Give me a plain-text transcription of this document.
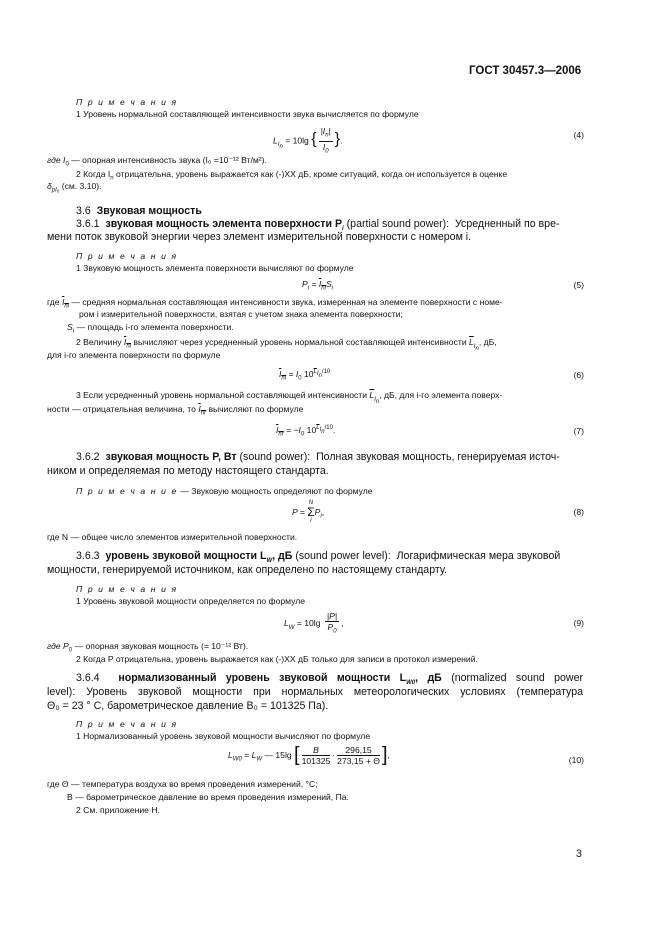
ГОСТ 30457.3—2006
П р и м е ч а н и я
1 Уровень нормальной составляющей интенсивности звука вычисляется по формуле
$L_{I_n} = 10\lg$ { $\frac{|I_n|}{I_0}$ }.
(4)
где $I_0$ — опорная интенсивность звука (I₀ =10⁻¹² Вт/м²).
2 Когда $I_n$ отрицательна, уровень выражается как (-)XX дБ, кроме ситуаций, когда он используется в оценке
$\delta_{pI_0}$ (см. 3.10).
3.6 Звуковая мощность
3.6.1 звуковая мощность элемента поверхности $P_i$ (partial sound power): Усредненный по вре-
мени поток звуковой энергии через элемент измерительной поверхности с номером i.
П р и м е ч а н и я
1 Звуковую мощность элемента поверхности вычисляют по формуле
$P_i = I_{ni}S_i$	(5)
где $I_{ni}$ — средняя нормальная составляющая интенсивности звука, измеренная на элементе поверхности с номе-
ром i измерительной поверхности, взятая с учетом знака элемента поверхности;
$S_i$ — площадь i-го элемента поверхности.
2 Величину $I_{ni}$ вычисляют через усредненный уровень нормальной составляющей интенсивности $\overline{L}_{I_n}$, дБ,
для i-го элемента поверхности по формуле
$I_{ni} = I_0$ $10^{\overline{L}_{I_n}/10}$	(6)
3 Если усредненный уровень нормальной составляющей интенсивности $\overline{L}_{I_n}$, дБ, для i-го элемента поверх-
ности — отрицательная величина, то $I_{nr}$ вычисляют по формуле
$I_{nr} = -I_0$ $10^{\overline{L}_{I_n}/10}$.	(7)
3.6.2 звуковая мощность P, Вт (sound power): Полная звуковая мощность, генерируемая источ-
ником и определяемая по методу настоящего стандарта.
П р и м е ч а н и е — Звуковую мощность определяют по формуле
P =
N
Σ
i
$P_i$,	(8)
где N — общее число элементов измерительной поверхности.
3.6.3 уровень звуковой мощности $L_W$, дБ (sound power level): Логарифмическая мера звуковой
мощности, генерируемой источником, как определено по настоящему стандарту.
П р и м е ч а н и я
1 Уровень звуковой мощности определяется по формуле
$L_W = 10\lg \frac{|P|}{P_0}$ ,	(9)
где $P_0$ — опорная звуковая мощность (= 10⁻¹² Вт).
2 Когда P отрицательна, уровень выражается как (-)XX дБ только для записи в протокол измерений.
3.6.4 нормализованный уровень звуковой мощности $L_{W0}$, дБ (normalized sound power
level): Уровень звуковой мощности при нормальных метеорологических условиях (температура
Θ₀ = 23 ° С, барометрическое давление B₀ = 101325 Па).
П р и м е ч а н и я
1 Нормализованный уровень звуковой мощности вычисляют по формуле
$L_{W0} = L_W$ — 15lg [ $\frac{B}{101325} \cdot \frac{296,15}{273,15 + \Theta}$ ],
(10)
где Θ — температура воздуха во время проведения измерений, °С;
B — барометрическое давление во время проведения измерений, Па.
2 См. приложение Н.
3
